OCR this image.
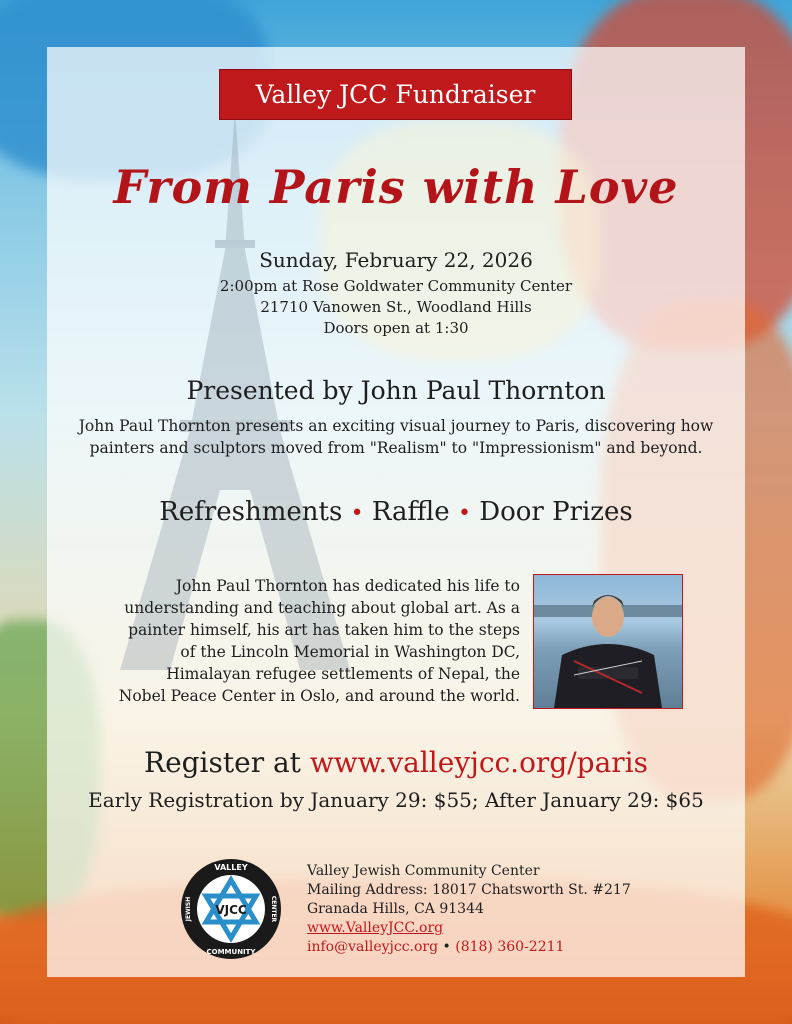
Valley JCC Fundraiser
From Paris with Love
Sunday, February 22, 2026
2:00pm at Rose Goldwater Community Center
21710 Vanowen St., Woodland Hills
Doors open at 1:30
Presented by John Paul Thornton
John Paul Thornton presents an exciting visual journey to Paris, discovering how painters and sculptors moved from "Realism" to "Impressionism" and beyond.
Refreshments • Raffle • Door Prizes
John Paul Thornton has dedicated his life to understanding and teaching about global art. As a painter himself, his art has taken him to the steps of the Lincoln Memorial in Washington DC, Himalayan refugee settlements of Nepal, the Nobel Peace Center in Oslo, and around the world.
Register at www.valleyjcc.org/paris
Early Registration by January 29: $55; After January 29: $65
VJCC
VALLEY
COMMUNITY
JEWISH	CENTER
Valley Jewish Community Center
Mailing Address: 18017 Chatsworth St. #217
Granada Hills, CA 91344
www.ValleyJCC.org
info@valleyjcc.org • (818) 360-2211
